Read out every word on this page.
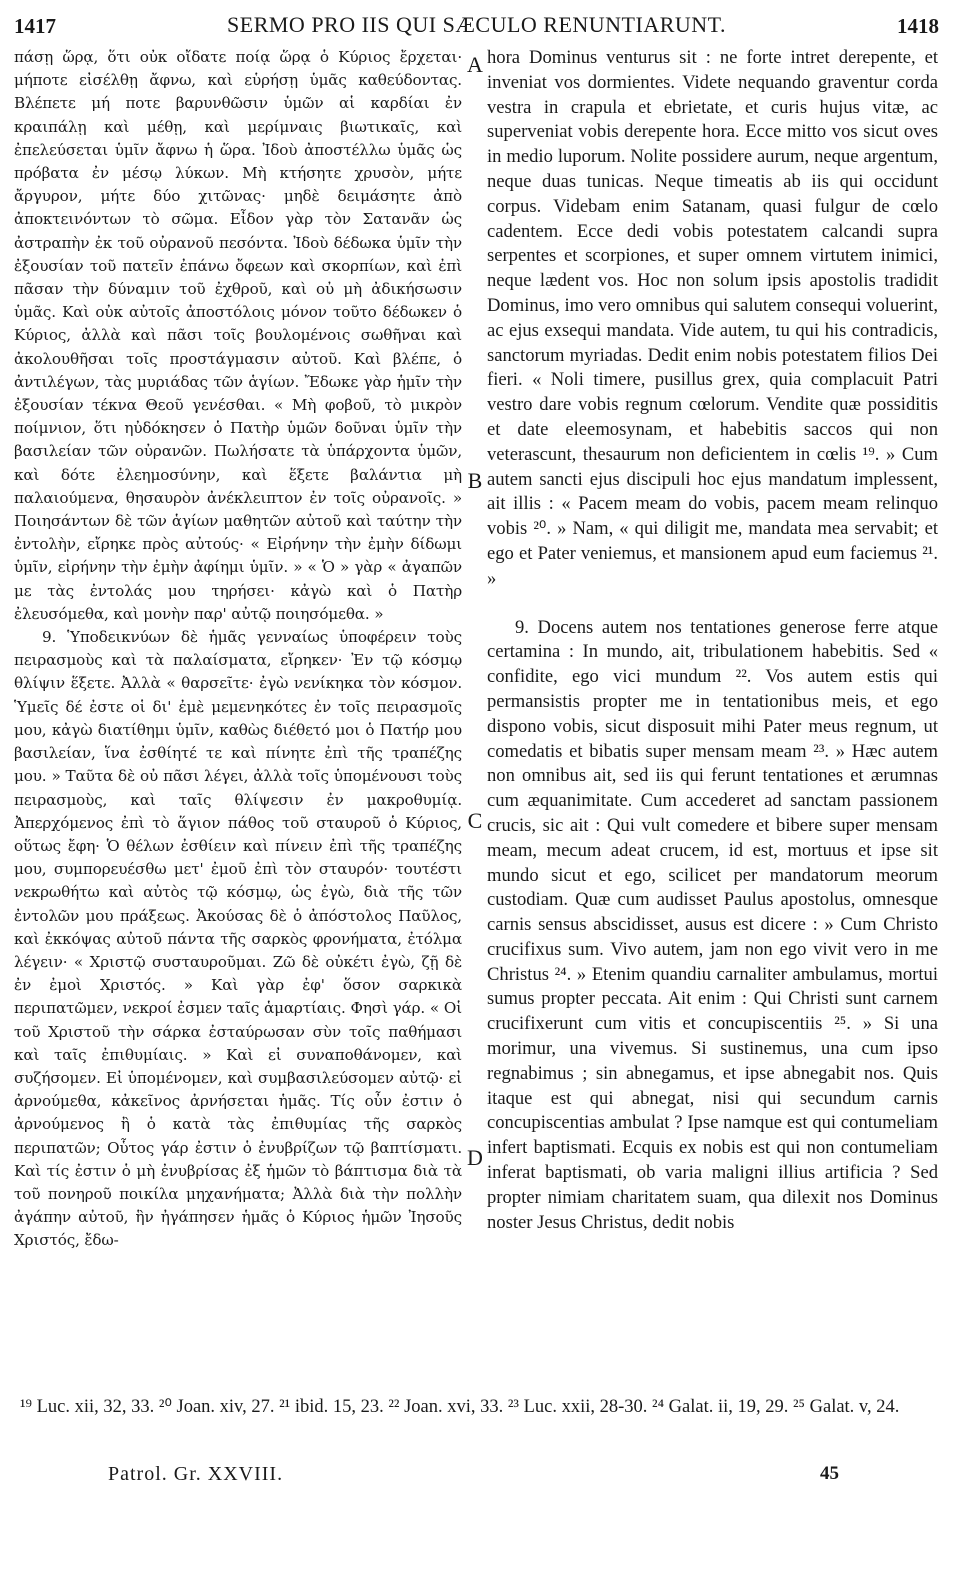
1417	SERMO PRO IIS QUI SÆCULO RENUNTIARUNT.	1418

πάσῃ ὥρᾳ, ὅτι οὐκ οἴδατε ποίᾳ ὥρᾳ ὁ Κύριος ἔρχεται· μήποτε εἰσέλθῃ ἄφνω, καὶ εὑρήσῃ ὑμᾶς καθεύδοντας. Βλέπετε μή ποτε βαρυνθῶσιν ὑμῶν αἱ καρδίαι ἐν κραιπάλῃ καὶ μέθῃ, καὶ μερίμναις βιωτικαῖς, καὶ ἐπελεύσεται ὑμῖν ἄφνω ἡ ὥρα. Ἰδοὺ ἀποστέλλω ὑμᾶς ὡς πρόβατα ἐν μέσῳ λύκων. Μὴ κτήσητε χρυσὸν, μήτε ἄργυρον, μήτε δύο χιτῶνας· μηδὲ δειμάσητε ἀπὸ ἀποκτεινόντων τὸ σῶμα. Εἶδον γὰρ τὸν Σατανᾶν ὡς ἀστραπὴν ἐκ τοῦ οὐρανοῦ πεσόντα. Ἰδοὺ δέδωκα ὑμῖν τὴν ἐξουσίαν τοῦ πατεῖν ἐπάνω ὄφεων καὶ σκορπίων, καὶ ἐπὶ πᾶσαν τὴν δύναμιν τοῦ ἐχθροῦ, καὶ οὐ μὴ ἀδικήσωσιν ὑμᾶς. Καὶ οὐκ αὐτοῖς ἀποστόλοις μόνον τοῦτο δέδωκεν ὁ Κύριος, ἀλλὰ καὶ πᾶσι τοῖς βουλομένοις σωθῆναι καὶ ἀκολουθῆσαι τοῖς προστάγμασιν αὐτοῦ. Καὶ βλέπε, ὁ ἀντιλέγων, τὰς μυριάδας τῶν ἁγίων. Ἔδωκε γὰρ ἡμῖν τὴν ἐξουσίαν τέκνα Θεοῦ γενέσθαι. « Μὴ φοβοῦ, τὸ μικρὸν ποίμνιον, ὅτι ηὐδόκησεν ὁ Πατὴρ ὑμῶν δοῦναι ὑμῖν τὴν βασιλείαν τῶν οὐρανῶν. Πωλήσατε τὰ ὑπάρχοντα ὑμῶν, καὶ δότε ἐλεημοσύνην, καὶ ἕξετε βαλάντια μὴ παλαιούμενα, θησαυρὸν ἀνέκλειπτον ἐν τοῖς οὐρανοῖς. » Ποιησάντων δὲ τῶν ἁγίων μαθητῶν αὐτοῦ καὶ ταύτην τὴν ἐντολὴν, εἴρηκε πρὸς αὐτούς· « Εἰρήνην τὴν ἐμὴν δίδωμι ὑμῖν, εἰρήνην τὴν ἐμὴν ἀφίημι ὑμῖν. » « Ὁ » γὰρ « ἀγαπῶν με τὰς ἐντολάς μου τηρήσει· κἀγὼ καὶ ὁ Πατὴρ ἐλευσόμεθα, καὶ μονὴν παρ' αὐτῷ ποιησόμεθα. »

9. Ὑποδεικνύων δὲ ἡμᾶς γενναίως ὑποφέρειν τοὺς πειρασμοὺς καὶ τὰ παλαίσματα, εἴρηκεν· Ἐν τῷ κόσμῳ θλίψιν ἕξετε. Ἀλλὰ « θαρσεῖτε· ἐγὼ νενίκηκα τὸν κόσμον. Ὑμεῖς δέ ἐστε οἱ δι' ἐμὲ μεμενηκότες ἐν τοῖς πειρασμοῖς μου, κἀγὼ διατίθημι ὑμῖν, καθὼς διέθετό μοι ὁ Πατήρ μου βασιλείαν, ἵνα ἐσθίητέ τε καὶ πίνητε ἐπὶ τῆς τραπέζης μου. » Ταῦτα δὲ οὐ πᾶσι λέγει, ἀλλὰ τοῖς ὑπομένουσι τοὺς πειρασμοὺς, καὶ ταῖς θλίψεσιν ἐν μακροθυμίᾳ. Ἀπερχόμενος ἐπὶ τὸ ἅγιον πάθος τοῦ σταυροῦ ὁ Κύριος, οὕτως ἔφη· Ὁ θέλων ἐσθίειν καὶ πίνειν ἐπὶ τῆς τραπέζης μου, συμπορευέσθω μετ' ἐμοῦ ἐπὶ τὸν σταυρόν· τουτέστι νεκρωθήτω καὶ αὐτὸς τῷ κόσμῳ, ὡς ἐγὼ, διὰ τῆς τῶν ἐντολῶν μου πράξεως. Ἀκούσας δὲ ὁ ἀπόστολος Παῦλος, καὶ ἐκκόψας αὐτοῦ πάντα τῆς σαρκὸς φρονήματα, ἐτόλμα λέγειν· « Χριστῷ συσταυροῦμαι. Ζῶ δὲ οὐκέτι ἐγὼ, ζῇ δὲ ἐν ἐμοὶ Χριστός. » Καὶ γὰρ ἐφ' ὅσον σαρκικὰ περιπατῶμεν, νεκροί ἐσμεν ταῖς ἁμαρτίαις. Φησὶ γάρ. « Οἱ τοῦ Χριστοῦ τὴν σάρκα ἐσταύρωσαν σὺν τοῖς παθήμασι καὶ ταῖς ἐπιθυμίαις. » Καὶ εἰ συναποθάνομεν, καὶ συζήσομεν. Εἰ ὑπομένομεν, καὶ συμβασιλεύσομεν αὐτῷ· εἰ ἀρνούμεθα, κἀκεῖνος ἀρνήσεται ἡμᾶς. Τίς οὖν ἐστιν ὁ ἀρνούμενος ἢ ὁ κατὰ τὰς ἐπιθυμίας τῆς σαρκὸς περιπατῶν; Οὗτος γάρ ἐστιν ὁ ἐνυβρίζων τῷ βαπτίσματι. Καὶ τίς ἐστιν ὁ μὴ ἐνυβρίσας ἐξ ἡμῶν τὸ βάπτισμα διὰ τὰ τοῦ πονηροῦ ποικίλα μηχανήματα; Ἀλλὰ διὰ τὴν πολλὴν ἀγάπην αὐτοῦ, ἣν ἠγάπησεν ἡμᾶς ὁ Κύριος ἡμῶν Ἰησοῦς Χριστός, ἔδω-

A
B
C
D

hora Dominus venturus sit : ne forte intret derepente, et inveniat vos dormientes. Videte nequando graventur corda vestra in crapula et ebrietate, et curis hujus vitæ, ac superveniat vobis derepente hora. Ecce mitto vos sicut oves in medio luporum. Nolite possidere aurum, neque argentum, neque duas tunicas. Neque timeatis ab iis qui occidunt corpus. Videbam enim Satanam, quasi fulgur de cœlo cadentem. Ecce dedi vobis potestatem calcandi supra serpentes et scorpiones, et super omnem virtutem inimici, neque lædent vos. Hoc non solum ipsis apostolis tradidit Dominus, imo vero omnibus qui salutem consequi voluerint, ac ejus exsequi mandata. Vide autem, tu qui his contradicis, sanctorum myriadas. Dedit enim nobis potestatem filios Dei fieri. « Noli timere, pusillus grex, quia complacuit Patri vestro dare vobis regnum cœlorum. Vendite quæ possiditis et date eleemosynam, et habebitis saccos qui non veterascunt, thesaurum non deficientem in cœlis ¹⁹. » Cum autem sancti ejus discipuli hoc ejus mandatum implessent, ait illis : « Pacem meam do vobis, pacem meam relinquo vobis ²⁰. » Nam, « qui diligit me, mandata mea servabit; et ego et Pater veniemus, et mansionem apud eum faciemus ²¹. »

9. Docens autem nos tentationes generose ferre atque certamina : In mundo, ait, tribulationem habebitis. Sed « confidite, ego vici mundum ²². Vos autem estis qui permansistis propter me in tentationibus meis, et ego dispono vobis, sicut disposuit mihi Pater meus regnum, ut comedatis et bibatis super mensam meam ²³. » Hæc autem non omnibus ait, sed iis qui ferunt tentationes et ærumnas cum æquanimitate. Cum accederet ad sanctam passionem crucis, sic ait : Qui vult comedere et bibere super mensam meam, mecum adeat crucem, id est, mortuus et ipse sit mundo sicut et ego, scilicet per mandatorum meorum custodiam. Quæ cum audisset Paulus apostolus, omnesque carnis sensus abscidisset, ausus est dicere : » Cum Christo crucifixus sum. Vivo autem, jam non ego vivit vero in me Christus ²⁴. » Etenim quandiu carnaliter ambulamus, mortui sumus propter peccata. Ait enim : Qui Christi sunt carnem crucifixerunt cum vitis et concupiscentiis ²⁵. » Si una morimur, una vivemus. Si sustinemus, una cum ipso regnabimus ; sin abnegamus, et ipse abnegabit nos. Quis itaque est qui abnegat, nisi qui secundum carnis concupiscentias ambulat ? Ipse namque est qui contumeliam infert baptismati. Ecquis ex nobis est qui non contumeliam inferat baptismati, ob varia maligni illius artificia ? Sed propter nimiam charitatem suam, qua dilexit nos Dominus noster Jesus Christus, dedit nobis

¹⁹ Luc. xii, 32, 33. ²⁰ Joan. xiv, 27. ²¹ ibid. 15, 23. ²² Joan. xvi, 33. ²³ Luc. xxii, 28-30. ²⁴ Galat. ii, 19, 29. ²⁵ Galat. v, 24.
Patrol. Gr. XXVIII.	45
